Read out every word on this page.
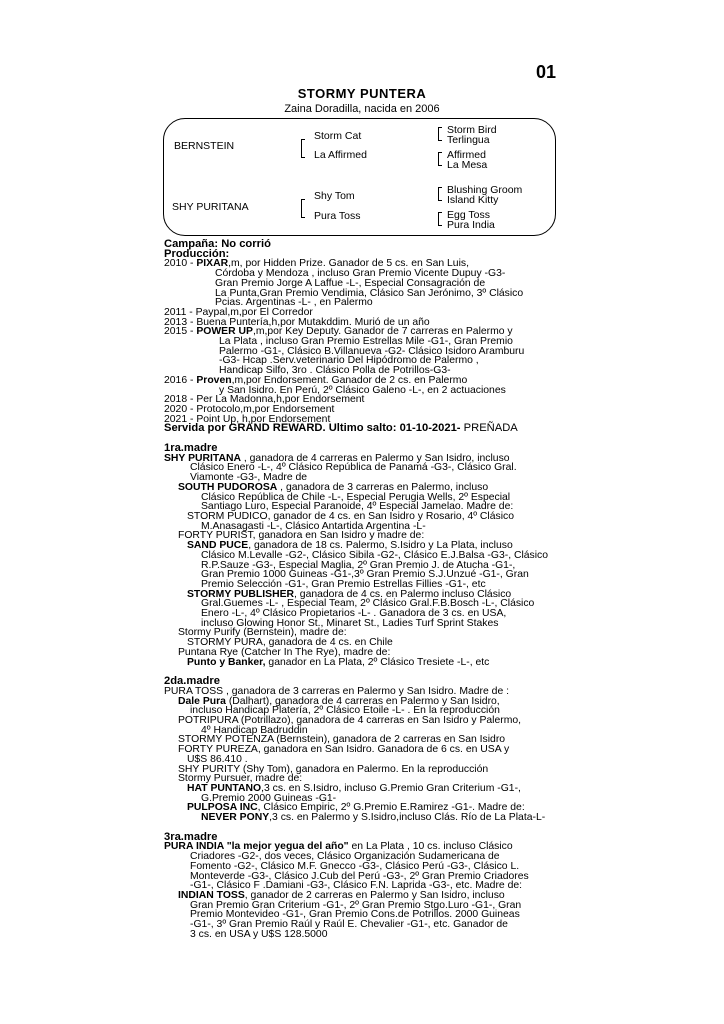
01
STORMY PUNTERA
Zaina Doradilla, nacida en 2006
BERNSTEIN
SHY PURITANA
Storm Cat
La Affirmed
Shy Tom
Pura Toss
Storm Bird
Terlingua
Affirmed
La Mesa
Blushing Groom
Island Kitty
Egg Toss
Pura India
Campaña: No corrió
Producción:
2010 - PIXAR,m, por Hidden Prize. Ganador de 5 cs. en San Luis,
Córdoba y Mendoza , incluso Gran Premio Vicente Dupuy -G3-
Gran Premio Jorge A Laffue -L-, Especial Consagración de
La Punta,Gran Premio Vendimia, Clásico San Jerónimo, 3º Clásico
Pcias. Argentinas -L- , en Palermo
2011 - Paypal,m,por El Corredor
2013 - Buena Puntería,h,por Mutakddim. Murió de un año
2015 - POWER UP,m,por Key Deputy. Ganador de 7 carreras en Palermo y
La Plata , incluso Gran Premio Estrellas Mile -G1-, Gran Premio
Palermo -G1-, Clásico B.Villanueva -G2- Clásico Isidoro Aramburu
-G3- Hcap .Serv.veterinario Del Hipódromo de Palermo ,
Handicap Silfo, 3ro . Clásico Polla de Potrillos-G3-
2016 - Proven,m,por Endorsement. Ganador de 2 cs. en Palermo
y San Isidro. En Perú, 2º Clásico Galeno -L-, en 2 actuaciones
2018 - Per La Madonna,h,por Endorsement
2020 - Protocolo,m,por Endorsement
2021 - Point Up, h,por Endorsement
Servida por GRAND REWARD. Ultimo salto: 01-10-2021- PREÑADA
1ra.madre
SHY PURITANA , ganadora de 4 carreras en Palermo y San Isidro, incluso
Clásico Enero -L-, 4º Clásico República de Panamá -G3-, Clásico Gral.
Viamonte -G3-, Madre de
SOUTH PUDOROSA , ganadora de 3 carreras en Palermo, incluso
Clásico República de Chile -L-, Especial Perugia Wells, 2º Especial
Santiago Luro, Especial Paranoide, 4º Especial Jamelao. Madre de:
STORM PUDICO, ganador de 4 cs. en San Isidro y Rosario, 4º Clásico
M.Anasagasti -L-, Clásico Antartida Argentina -L-
FORTY PURIST, ganadora en San Isidro y madre de:
SAND PUCE, ganadora de 18 cs. Palermo, S.Isidro y La Plata, incluso
Clásico M.Levalle -G2-, Clásico Sibila -G2-, Clásico E.J.Balsa -G3-, Clásico
R.P.Sauze -G3-, Especial Maglia, 2º Gran Premio J. de Atucha -G1-,
Gran Premio 1000 Guineas -G1-,3º Gran Premio S.J.Unzué -G1-, Gran
Premio Selección -G1-, Gran Premio Estrellas Fillies -G1-, etc
STORMY PUBLISHER, ganadora de 4 cs. en Palermo incluso Clásico
Gral.Guemes -L- , Especial Team, 2º Clásico Gral.F.B.Bosch -L-, Clásico
Enero -L-, 4º Clásico Propietarios -L- . Ganadora de 3 cs. en USA,
incluso Glowing Honor St., Minaret St., Ladies Turf Sprint Stakes
Stormy Purify (Bernstein), madre de:
STORMY PURA, ganadora de 4 cs. en Chile
Puntana Rye (Catcher In The Rye), madre de:
Punto y Banker, ganador en La Plata, 2º Clásico Tresiete -L-, etc
2da.madre
PURA TOSS , ganadora de 3 carreras en Palermo y San Isidro. Madre de :
Dale Pura (Dalhart), ganadora de 4 carreras en Palermo y San Isidro,
incluso Handicap Platería, 2º Clásico Etoile -L- . En la reproducción
POTRIPURA (Potrillazo), ganadora de 4 carreras en San Isidro y Palermo,
4º Handicap Badruddin
STORMY POTENZA (Bernstein), ganadora de 2 carreras en San Isidro
FORTY PUREZA, ganadora en San Isidro. Ganadora de 6 cs. en USA y
U$S 86.410 .
SHY PURITY (Shy Tom), ganadora en Palermo. En la reproducción
Stormy Pursuer, madre de:
HAT PUNTANO,3 cs. en S.Isidro, incluso G.Premio Gran Criterium -G1-,
G.Premio 2000 Guineas -G1-
PULPOSA INC, Clásico Empiric, 2º G.Premio E.Ramirez -G1-. Madre de:
NEVER PONY,3 cs. en Palermo y S.Isidro,incluso Clás. Río de La Plata-L-
3ra.madre
PURA INDIA "la mejor yegua del año" en La Plata , 10 cs. incluso Clásico
Criadores -G2-, dos veces, Clásico Organización Sudamericana de
Fomento -G2-, Clásico M.F. Gnecco -G3-, Clásico Perú -G3-, Clásico L.
Monteverde -G3-, Clásico J.Cub del Perú -G3-, 2º Gran Premio Criadores
-G1-, Clásico F .Damiani -G3-, Clásico F.N. Laprida -G3-, etc. Madre de:
INDIAN TOSS, ganador de 2 carreras en Palermo y San Isidro, incluso
Gran Premio Gran Criterium -G1-, 2º Gran Premio Stgo.Luro -G1-, Gran
Premio Montevideo -G1-, Gran Premio Cons.de Potrillos. 2000 Guineas
-G1-, 3º Gran Premio Raúl y Raúl E. Chevalier -G1-, etc. Ganador de
3 cs. en USA y U$S 128.5000
